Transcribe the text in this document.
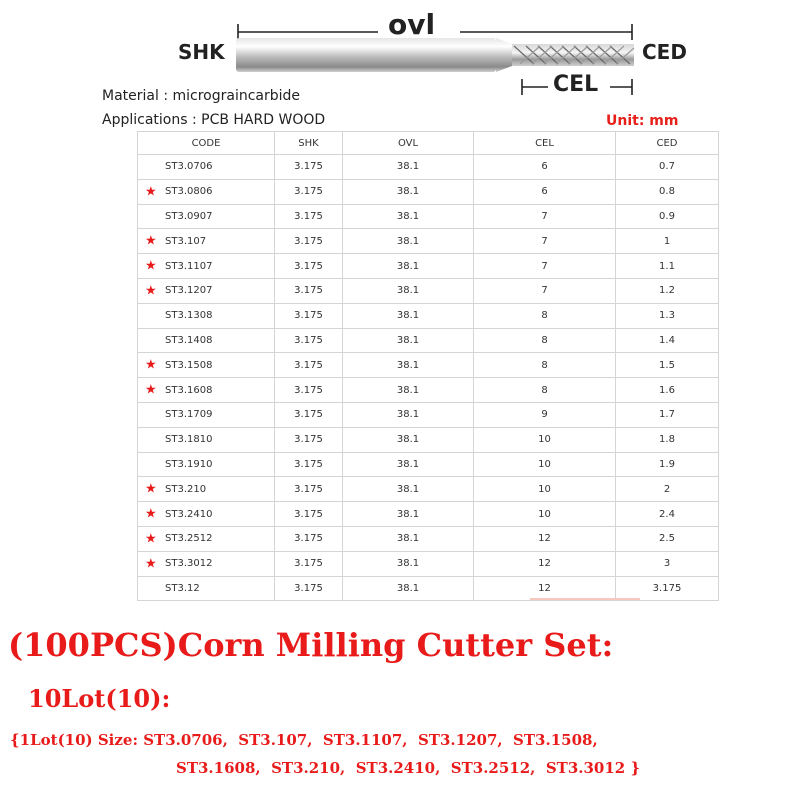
ovl
SHK	CED
CEL
Material : micrograincarbide
Applications : PCB HARD WOOD	Unit: mm
CODE	SHK	OVL	CEL	CED
ST3.0706	3.175	38.1	6	0.7

★ ST3.0806	3.175	38.1	6	0.8
ST3.0907	3.175	38.1	7	0.9

★ ST3.107	3.175	38.1	7	1

★ ST3.1107	3.175	38.1	7	1.1

★ ST3.1207	3.175	38.1	7	1.2
ST3.1308	3.175	38.1	8	1.3
ST3.1408	3.175	38.1	8	1.4

★ ST3.1508	3.175	38.1	8	1.5

★ ST3.1608	3.175	38.1	8	1.6
ST3.1709	3.175	38.1	9	1.7
ST3.1810	3.175	38.1	10	1.8
ST3.1910	3.175	38.1	10	1.9

★ ST3.210	3.175	38.1	10	2

★ ST3.2410	3.175	38.1	10	2.4

★ ST3.2512	3.175	38.1	12	2.5

★ ST3.3012	3.175	38.1	12	3
ST3.12	3.175	38.1	12	3.175
(100PCS)Corn Milling Cutter Set:
10Lot(10):
{1Lot(10) Size: ST3.0706,  ST3.107,  ST3.1107,  ST3.1207,  ST3.1508,
ST3.1608,  ST3.210,  ST3.2410,  ST3.2512,  ST3.3012 }
